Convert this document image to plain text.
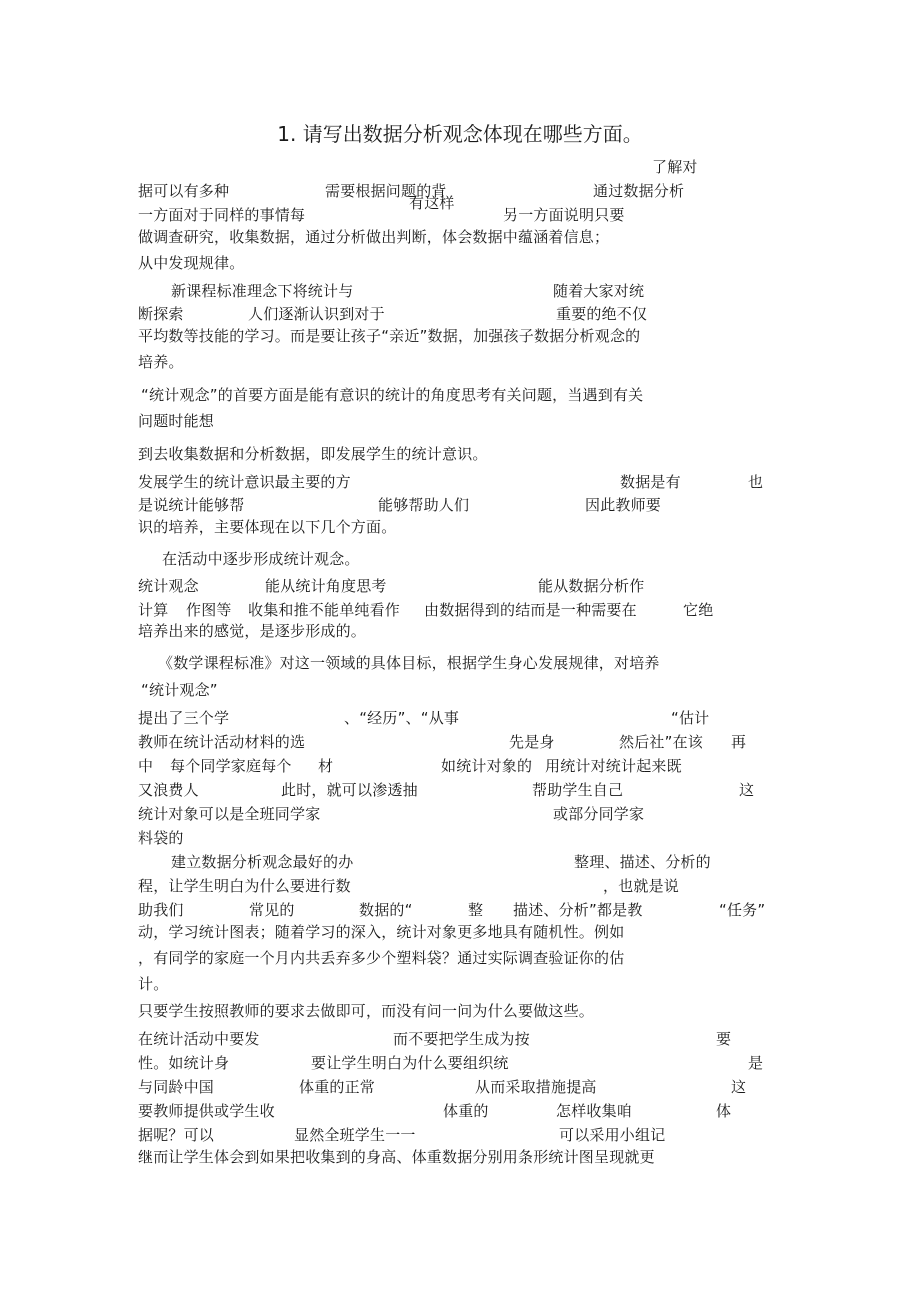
1. 请写出数据分析观念体现在哪些方面。
了解对
据可以有多种	需要根据问题的背	通过数据分析
有这样
一方面对于同样的事情每	另一方面说明只要
做调查研究，收集数据，通过分析做出判断，体会数据中蕴涵着信息；
从中发现规律。
新课程标准理念下将统计与	随着大家对统
断探索	人们逐渐认识到对于	重要的绝不仅
平均数等技能的学习。而是要让孩子“亲近”数据，加强孩子数据分析观念的
培养。
“统计观念”的首要方面是能有意识的统计的角度思考有关问题，当遇到有关
问题时能想
到去收集数据和分析数据，即发展学生的统计意识。
发展学生的统计意识最主要的方	数据是有	也
是说统计能够帮	能够帮助人们	因此教师要
识的培养，主要体现在以下几个方面。
在活动中逐步形成统计观念。
统计观念	能从统计角度思考	能从数据分析作
计算 作图等 收集和推不能单纯看作 由数据得到的结而是一种需要在	它绝
培养出来的感觉，是逐步形成的。
《数学课程标准》对这一领域的具体目标，根据学生身心发展规律，对培养
“统计观念”
提出了三个学	、“经历”、“从事	“估计
教师在统计活动材料的选	先是身	然后社”在该 再
中 每个同学家庭每个 材	如统计对象的 用统计对统计起来既
又浪费人	此时，就可以渗透抽	帮助学生自己	这
统计对象可以是全班同学家	或部分同学家
料袋的
建立数据分析观念最好的办	整理、描述、分析的
程，让学生明白为什么要进行数	，也就是说
助我们	常见的	数据的“	整 描述、分析”都是教	“任务”
动，学习统计图表；随着学习的深入，统计对象更多地具有随机性。例如
，有同学的家庭一个月内共丢弃多少个塑料袋？通过实际调查验证你的估
计。
只要学生按照教师的要求去做即可，而没有问一问为什么要做这些。
在统计活动中要发	而不要把学生成为按	要
性。如统计身	要让学生明白为什么要组织统	是
与同龄中国	体重的正常	从而采取措施提高	这
要教师提供或学生收	体重的	怎样收集咱	体
据呢？可以	显然全班学生一一	可以采用小组记
继而让学生体会到如果把收集到的身高、体重数据分别用条形统计图呈现就更
